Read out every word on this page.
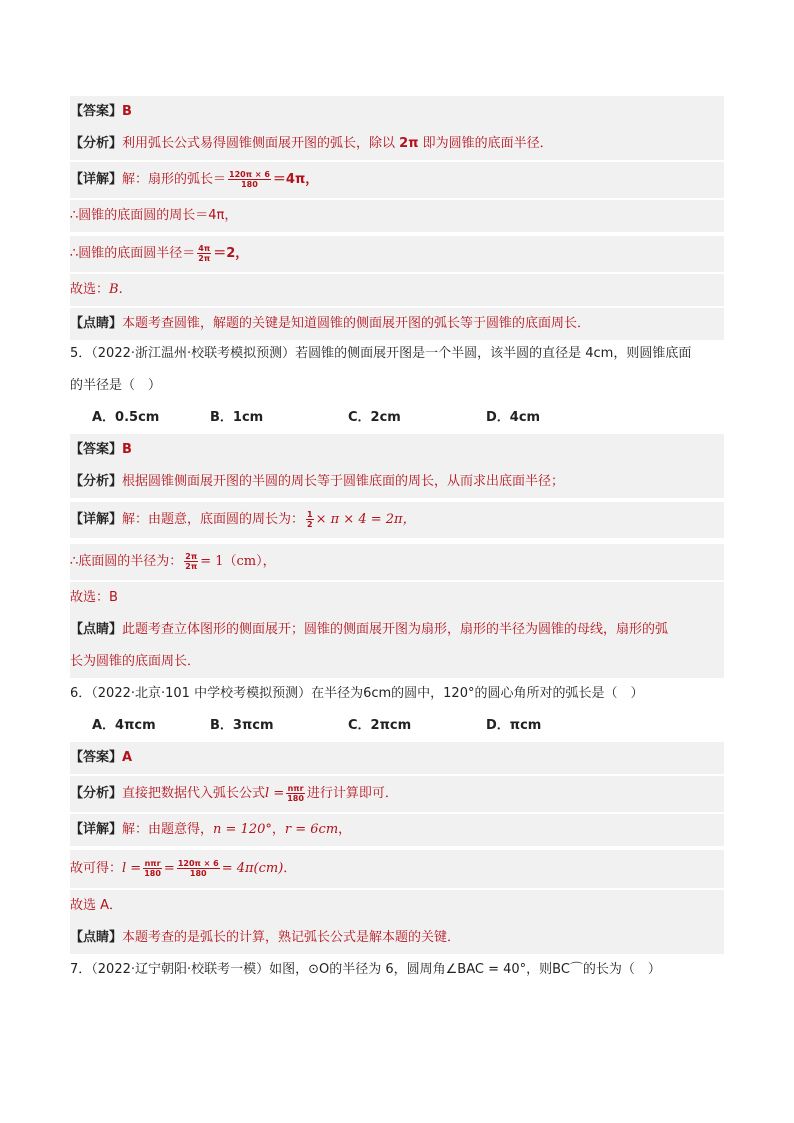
【答案】B
【分析】利用弧长公式易得圆锥侧面展开图的弧长，除以 2π 即为圆锥的底面半径．
【详解】解：扇形的弧长＝ $\frac{120\pi \times 6}{180} =4\pi$，
∴圆锥的底面圆的周长＝4π，
∴圆锥的底面圆半径＝ $\frac{4\pi}{2\pi} =2$，
故选：B.
【点睛】本题考查圆锥，解题的关键是知道圆锥的侧面展开图的弧长等于圆锥的底面周长．
5．（2022·浙江温州·校联考模拟预测）若圆锥的侧面展开图是一个半圆，该半圆的直径是 4cm，则圆锥底面
的半径是（　）
A．0.5cm	B．1cm	C．2cm	D．4cm
【答案】B
【分析】根据圆锥侧面展开图的半圆的周长等于圆锥底面的周长，从而求出底面半径；
【详解】解：由题意，底面圆的周长为： $\frac{1}{2} \times \pi \times 4 = 2\pi$，
∴底面圆的半径为： $\frac{2\pi}{2\pi} = 1(cm)$，
故选：B
【点睛】此题考查立体图形的侧面展开；圆锥的侧面展开图为扇形，扇形的半径为圆锥的母线，扇形的弧
长为圆锥的底面周长．
6．（2022·北京·101 中学校考模拟预测）在半径为6cm的圆中，120°的圆心角所对的弧长是（　）
A．4πcm	B．3πcm	C．2πcm	D．πcm
【答案】A
【分析】直接把数据代入弧长公式$l = \frac{\text{nπr}}{180}$ 进行计算即可．
【详解】解：由题意得，n = 120°，r = 6cm，
故可得：$l = \frac{\text{nπr}}{180} = \frac{120\pi \times 6}{180} = 4\pi(cm)$．
故选 A．
【点睛】本题考查的是弧长的计算，熟记弧长公式是解本题的关键．
7．（2022·辽宁朝阳·校联考一模）如图，⊙O的半径为 6，圆周角∠BAC = 40°，则BC⌒的长为（　）
